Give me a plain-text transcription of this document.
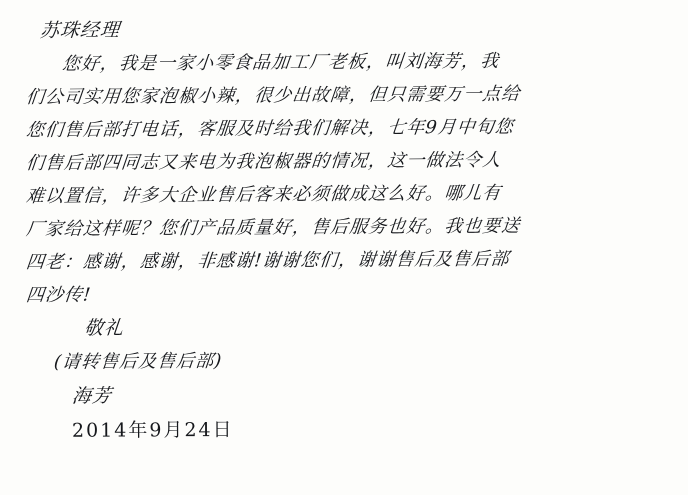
苏珠经理
您好，我是一家小零食品加工厂老板，叫刘海芳，我
们公司实用您家泡椒小辣，很少出故障，但只需要万一点给
您们售后部打电话，客服及时给我们解决，七年9月中旬您
们售后部四同志又来电为我泡椒器的情况，这一做法令人
难以置信，许多大企业售后客来必须做成这么好。哪儿有
厂家给这样呢？您们产品质量好，售后服务也好。我也要送
四老：感谢，感谢，非感谢!谢谢您们，谢谢售后及售后部
四沙传!
敬礼
(请转售后及售后部)
海芳
2014年9月24日
